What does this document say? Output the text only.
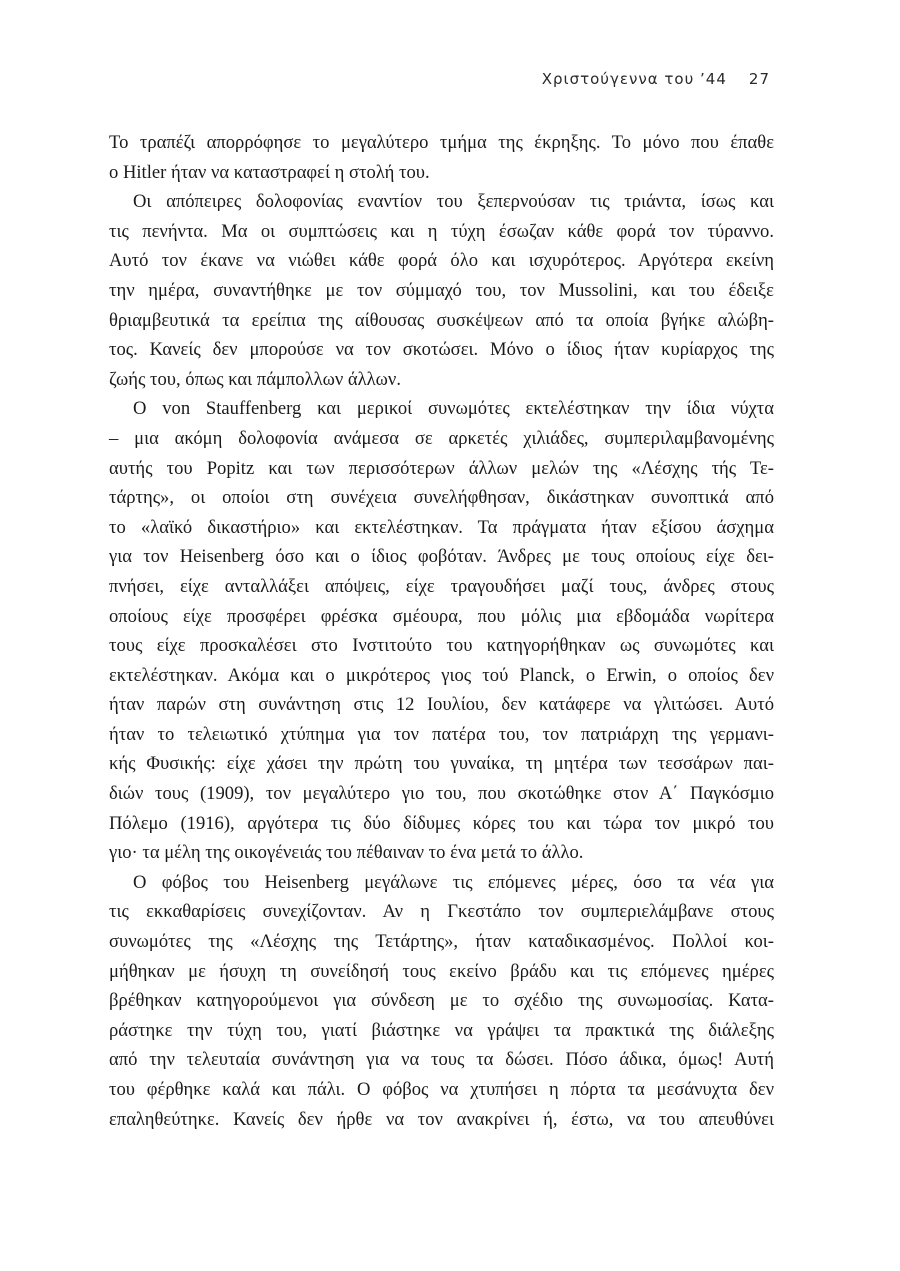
Χριστούγεννα του ’44 27
Το τραπέζι απορρόφησε το μεγαλύτερο τμήμα της έκρηξης. Το μόνο που έπαθε
ο Hitler ήταν να καταστραφεί η στολή του.
Οι απόπειρες δολοφονίας εναντίον του ξεπερνούσαν τις τριάντα, ίσως και
τις πενήντα. Μα οι συμπτώσεις και η τύχη έσωζαν κάθε φορά τον τύραννο.
Αυτό τον έκανε να νιώθει κάθε φορά όλο και ισχυρότερος. Αργότερα εκείνη
την ημέρα, συναντήθηκε με τον σύμμαχό του, τον Mussolini, και του έδειξε
θριαμβευτικά τα ερείπια της αίθουσας συσκέψεων από τα οποία βγήκε αλώβη-
τος. Κανείς δεν μπορούσε να τον σκοτώσει. Μόνο ο ίδιος ήταν κυρίαρχος της
ζωής του, όπως και πάμπολλων άλλων.
Ο von Stauffenberg και μερικοί συνωμότες εκτελέστηκαν την ίδια νύχτα
– μια ακόμη δολοφονία ανάμεσα σε αρκετές χιλιάδες, συμπεριλαμβανομένης
αυτής του Popitz και των περισσότερων άλλων μελών της «Λέσχης τής Τε-
τάρτης», οι οποίοι στη συνέχεια συνελήφθησαν, δικάστηκαν συνοπτικά από
το «λαϊκό δικαστήριο» και εκτελέστηκαν. Τα πράγματα ήταν εξίσου άσχημα
για τον Heisenberg όσο και ο ίδιος φοβόταν. Άνδρες με τους οποίους είχε δει-
πνήσει, είχε ανταλλάξει απόψεις, είχε τραγουδήσει μαζί τους, άνδρες στους
οποίους είχε προσφέρει φρέσκα σμέουρα, που μόλις μια εβδομάδα νωρίτερα
τους είχε προσκαλέσει στο Ινστιτούτο του κατηγορήθηκαν ως συνωμότες και
εκτελέστηκαν. Ακόμα και ο μικρότερος γιος τού Planck, ο Erwin, ο οποίος δεν
ήταν παρών στη συνάντηση στις 12 Ιουλίου, δεν κατάφερε να γλιτώσει. Αυτό
ήταν το τελειωτικό χτύπημα για τον πατέρα του, τον πατριάρχη της γερμανι-
κής Φυσικής: είχε χάσει την πρώτη του γυναίκα, τη μητέρα των τεσσάρων παι-
διών τους (1909), τον μεγαλύτερο γιο του, που σκοτώθηκε στον Α΄ Παγκόσμιο
Πόλεμο (1916), αργότερα τις δύο δίδυμες κόρες του και τώρα τον μικρό του
γιο· τα μέλη της οικογένειάς του πέθαιναν το ένα μετά το άλλο.
Ο φόβος του Heisenberg μεγάλωνε τις επόμενες μέρες, όσο τα νέα για
τις εκκαθαρίσεις συνεχίζονταν. Αν η Γκεστάπο τον συμπεριελάμβανε στους
συνωμότες της «Λέσχης της Τετάρτης», ήταν καταδικασμένος. Πολλοί κοι-
μήθηκαν με ήσυχη τη συνείδησή τους εκείνο βράδυ και τις επόμενες ημέρες
βρέθηκαν κατηγορούμενοι για σύνδεση με το σχέδιο της συνωμοσίας. Κατα-
ράστηκε την τύχη του, γιατί βιάστηκε να γράψει τα πρακτικά της διάλεξης
από την τελευταία συνάντηση για να τους τα δώσει. Πόσο άδικα, όμως! Αυτή
του φέρθηκε καλά και πάλι. Ο φόβος να χτυπήσει η πόρτα τα μεσάνυχτα δεν
επαληθεύτηκε. Κανείς δεν ήρθε να τον ανακρίνει ή, έστω, να του απευθύνει
